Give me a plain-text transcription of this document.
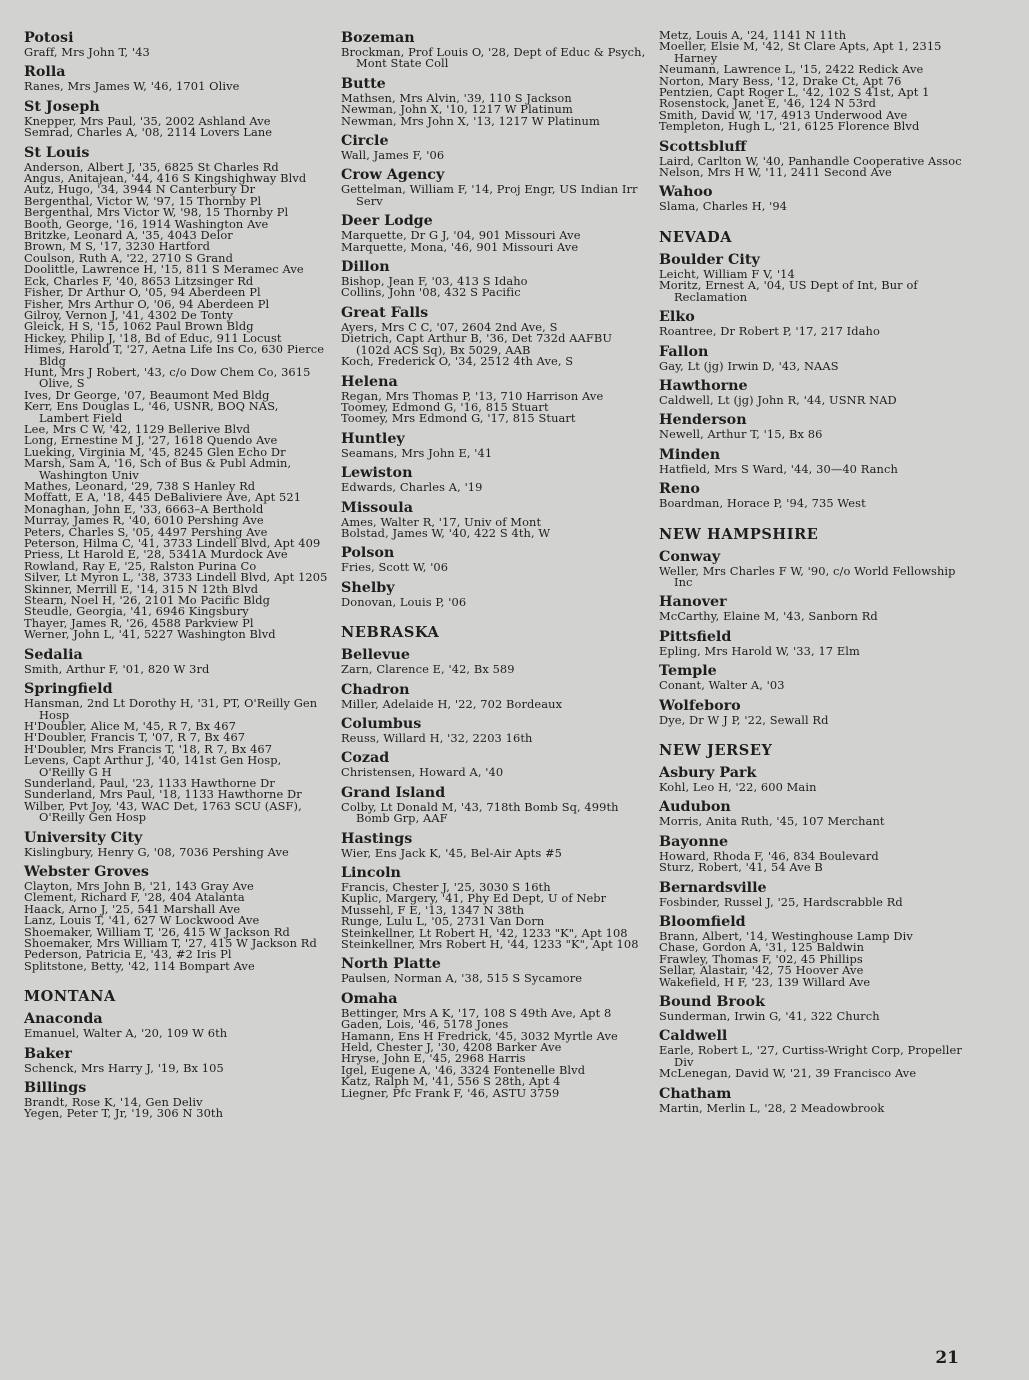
Potosi
Graff, Mrs John T, '43
Rolla
Ranes, Mrs James W, '46, 1701 Olive
St Joseph
Knepper, Mrs Paul, '35, 2002 Ashland Ave
Semrad, Charles A, '08, 2114 Lovers Lane
St Louis
Anderson, Albert J, '35, 6825 St Charles Rd
Angus, Anitajean, '44, 416 S Kingshighway Blvd
Autz, Hugo, '34, 3944 N Canterbury Dr
Bergenthal, Victor W, '97, 15 Thornby Pl
Bergenthal, Mrs Victor W, '98, 15 Thornby Pl
Booth, George, '16, 1914 Washington Ave
Britzke, Leonard A, '35, 4043 Delor
Brown, M S, '17, 3230 Hartford
Coulson, Ruth A, '22, 2710 S Grand
Doolittle, Lawrence H, '15, 811 S Meramec Ave
Eck, Charles F, '40, 8653 Litzsinger Rd
Fisher, Dr Arthur O, '05, 94 Aberdeen Pl
Fisher, Mrs Arthur O, '06, 94 Aberdeen Pl
Gilroy, Vernon J, '41, 4302 De Tonty
Gleick, H S, '15, 1062 Paul Brown Bldg
Hickey, Philip J, '18, Bd of Educ, 911 Locust
Himes, Harold T, '27, Aetna Life Ins Co, 630 Pierce Bldg
Hunt, Mrs J Robert, '43, c/o Dow Chem Co, 3615 Olive, S
Ives, Dr George, '07, Beaumont Med Bldg
Kerr, Ens Douglas L, '46, USNR, BOQ NAS, Lambert Field
Lee, Mrs C W, '42, 1129 Bellerive Blvd
Long, Ernestine M J, '27, 1618 Quendo Ave
Lueking, Virginia M, '45, 8245 Glen Echo Dr
Marsh, Sam A, '16, Sch of Bus & Publ Admin, Washington Univ
Mathes, Leonard, '29, 738 S Hanley Rd
Moffatt, E A, '18, 445 DeBaliviere Ave, Apt 521
Monaghan, John E, '33, 6663–A Berthold
Murray, James R, '40, 6010 Pershing Ave
Peters, Charles S, '05, 4497 Pershing Ave
Peterson, Hilma C, '41, 3733 Lindell Blvd, Apt 409
Priess, Lt Harold E, '28, 5341A Murdock Ave
Rowland, Ray E, '25, Ralston Purina Co
Silver, Lt Myron L, '38, 3733 Lindell Blvd, Apt 1205
Skinner, Merrill E, '14, 315 N 12th Blvd
Stearn, Noel H, '26, 2101 Mo Pacific Bldg
Steudle, Georgia, '41, 6946 Kingsbury
Thayer, James R, '26, 4588 Parkview Pl
Werner, John L, '41, 5227 Washington Blvd
Sedalia
Smith, Arthur F, '01, 820 W 3rd
Springfield
Hansman, 2nd Lt Dorothy H, '31, PT, O'Reilly Gen Hosp
H'Doubler, Alice M, '45, R 7, Bx 467
H'Doubler, Francis T, '07, R 7, Bx 467
H'Doubler, Mrs Francis T, '18, R 7, Bx 467
Levens, Capt Arthur J, '40, 141st Gen Hosp, O'Reilly G H
Sunderland, Paul, '23, 1133 Hawthorne Dr
Sunderland, Mrs Paul, '18, 1133 Hawthorne Dr
Wilber, Pvt Joy, '43, WAC Det, 1763 SCU (ASF), O'Reilly Gen Hosp
University City
Kislingbury, Henry G, '08, 7036 Pershing Ave
Webster Groves
Clayton, Mrs John B, '21, 143 Gray Ave
Clement, Richard F, '28, 404 Atalanta
Haack, Arno J, '25, 541 Marshall Ave
Lanz, Louis T, '41, 627 W Lockwood Ave
Shoemaker, William T, '26, 415 W Jackson Rd
Shoemaker, Mrs William T, '27, 415 W Jackson Rd
Pederson, Patricia E, '43, #2 Iris Pl
Splitstone, Betty, '42, 114 Bompart Ave
MONTANA
Anaconda
Emanuel, Walter A, '20, 109 W 6th
Baker
Schenck, Mrs Harry J, '19, Bx 105
Billings
Brandt, Rose K, '14, Gen Deliv
Yegen, Peter T, Jr, '19, 306 N 30th
Bozeman
Brockman, Prof Louis O, '28, Dept of Educ & Psych, Mont State Coll
Butte
Mathsen, Mrs Alvin, '39, 110 S Jackson
Newman, John X, '10, 1217 W Platinum
Newman, Mrs John X, '13, 1217 W Platinum
Circle
Wall, James F, '06
Crow Agency
Gettelman, William F, '14, Proj Engr, US Indian Irr Serv
Deer Lodge
Marquette, Dr G J, '04, 901 Missouri Ave
Marquette, Mona, '46, 901 Missouri Ave
Dillon
Bishop, Jean F, '03, 413 S Idaho
Collins, John '08, 432 S Pacific
Great Falls
Ayers, Mrs C C, '07, 2604 2nd Ave, S
Dietrich, Capt Arthur B, '36, Det 732d AAFBU (102d ACS Sq), Bx 5029, AAB
Koch, Frederick O, '34, 2512 4th Ave, S
Helena
Regan, Mrs Thomas P, '13, 710 Harrison Ave
Toomey, Edmond G, '16, 815 Stuart
Toomey, Mrs Edmond G, '17, 815 Stuart
Huntley
Seamans, Mrs John E, '41
Lewiston
Edwards, Charles A, '19
Missoula
Ames, Walter R, '17, Univ of Mont
Bolstad, James W, '40, 422 S 4th, W
Polson
Fries, Scott W, '06
Shelby
Donovan, Louis P, '06
NEBRASKA
Bellevue
Zarn, Clarence E, '42, Bx 589
Chadron
Miller, Adelaide H, '22, 702 Bordeaux
Columbus
Reuss, Willard H, '32, 2203 16th
Cozad
Christensen, Howard A, '40
Grand Island
Colby, Lt Donald M, '43, 718th Bomb Sq, 499th Bomb Grp, AAF
Hastings
Wier, Ens Jack K, '45, Bel-Air Apts #5
Lincoln
Francis, Chester J, '25, 3030 S 16th
Kuplic, Margery, '41, Phy Ed Dept, U of Nebr
Mussehl, F E, '13, 1347 N 38th
Runge, Lulu L, '05, 2731 Van Dorn
Steinkellner, Lt Robert H, '42, 1233 "K", Apt 108
Steinkellner, Mrs Robert H, '44, 1233 "K", Apt 108
North Platte
Paulsen, Norman A, '38, 515 S Sycamore
Omaha
Bettinger, Mrs A K, '17, 108 S 49th Ave, Apt 8
Gaden, Lois, '46, 5178 Jones
Hamann, Ens H Fredrick, '45, 3032 Myrtle Ave
Held, Chester J, '30, 4208 Barker Ave
Hryse, John E, '45, 2968 Harris
Igel, Eugene A, '46, 3324 Fontenelle Blvd
Katz, Ralph M, '41, 556 S 28th, Apt 4
Liegner, Pfc Frank F, '46, ASTU 3759
Metz, Louis A, '24, 1141 N 11th
Moeller, Elsie M, '42, St Clare Apts, Apt 1, 2315 Harney
Neumann, Lawrence L, '15, 2422 Redick Ave
Norton, Mary Bess, '12, Drake Ct, Apt 76
Pentzien, Capt Roger L, '42, 102 S 41st, Apt 1
Rosenstock, Janet E, '46, 124 N 53rd
Smith, David W, '17, 4913 Underwood Ave
Templeton, Hugh L, '21, 6125 Florence Blvd
Scottsbluff
Laird, Carlton W, '40, Panhandle Cooperative Assoc
Nelson, Mrs H W, '11, 2411 Second Ave
Wahoo
Slama, Charles H, '94
NEVADA
Boulder City
Leicht, William F V, '14
Moritz, Ernest A, '04, US Dept of Int, Bur of Reclamation
Elko
Roantree, Dr Robert P, '17, 217 Idaho
Fallon
Gay, Lt (jg) Irwin D, '43, NAAS
Hawthorne
Caldwell, Lt (jg) John R, '44, USNR NAD
Henderson
Newell, Arthur T, '15, Bx 86
Minden
Hatfield, Mrs S Ward, '44, 30—40 Ranch
Reno
Boardman, Horace P, '94, 735 West
NEW HAMPSHIRE
Conway
Weller, Mrs Charles F W, '90, c/o World Fellowship Inc
Hanover
McCarthy, Elaine M, '43, Sanborn Rd
Pittsfield
Epling, Mrs Harold W, '33, 17 Elm
Temple
Conant, Walter A, '03
Wolfeboro
Dye, Dr W J P, '22, Sewall Rd
NEW JERSEY
Asbury Park
Kohl, Leo H, '22, 600 Main
Audubon
Morris, Anita Ruth, '45, 107 Merchant
Bayonne
Howard, Rhoda F, '46, 834 Boulevard
Sturz, Robert, '41, 54 Ave B
Bernardsville
Fosbinder, Russel J, '25, Hardscrabble Rd
Bloomfield
Brann, Albert, '14, Westinghouse Lamp Div
Chase, Gordon A, '31, 125 Baldwin
Frawley, Thomas F, '02, 45 Phillips
Sellar, Alastair, '42, 75 Hoover Ave
Wakefield, H F, '23, 139 Willard Ave
Bound Brook
Sunderman, Irwin G, '41, 322 Church
Caldwell
Earle, Robert L, '27, Curtiss-Wright Corp, Propeller Div
McLenegan, David W, '21, 39 Francisco Ave
Chatham
Martin, Merlin L, '28, 2 Meadowbrook
21
